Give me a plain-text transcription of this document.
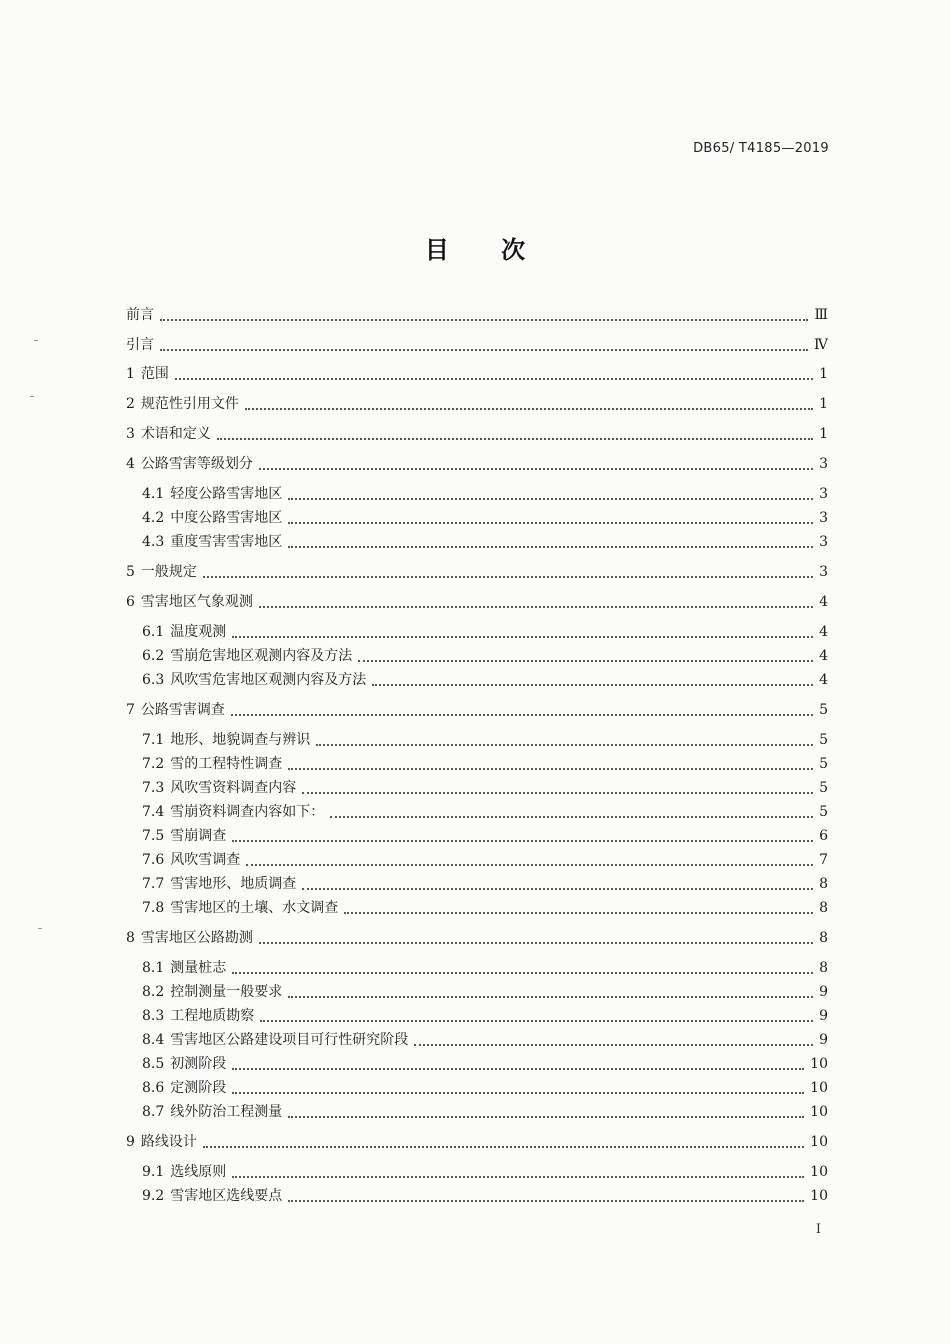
DB65/ T4185—2019
目 次
前言	Ⅲ
引言	Ⅳ
1 范围	1
2 规范性引用文件	1
3 术语和定义	1
4 公路雪害等级划分	3
4.1 轻度公路雪害地区	3
4.2 中度公路雪害地区	3
4.3 重度雪害雪害地区	3
5 一般规定	3
6 雪害地区气象观测	4
6.1 温度观测	4
6.2 雪崩危害地区观测内容及方法	4
6.3 风吹雪危害地区观测内容及方法	4
7 公路雪害调查	5
7.1 地形、地貌调查与辨识	5
7.2 雪的工程特性调查	5
7.3 风吹雪资料调查内容	5
7.4 雪崩资料调查内容如下：	5
7.5 雪崩调查	6
7.6 风吹雪调查	7
7.7 雪害地形、地质调查	8
7.8 雪害地区的土壤、水文调查	8
8 雪害地区公路勘测	8
8.1 测量桩志	8
8.2 控制测量一般要求	9
8.3 工程地质勘察	9
8.4 雪害地区公路建设项目可行性研究阶段	9
8.5 初测阶段	10
8.6 定测阶段	10
8.7 线外防治工程测量	10
9 路线设计	10
9.1 选线原则	10
9.2 雪害地区选线要点	10
I
